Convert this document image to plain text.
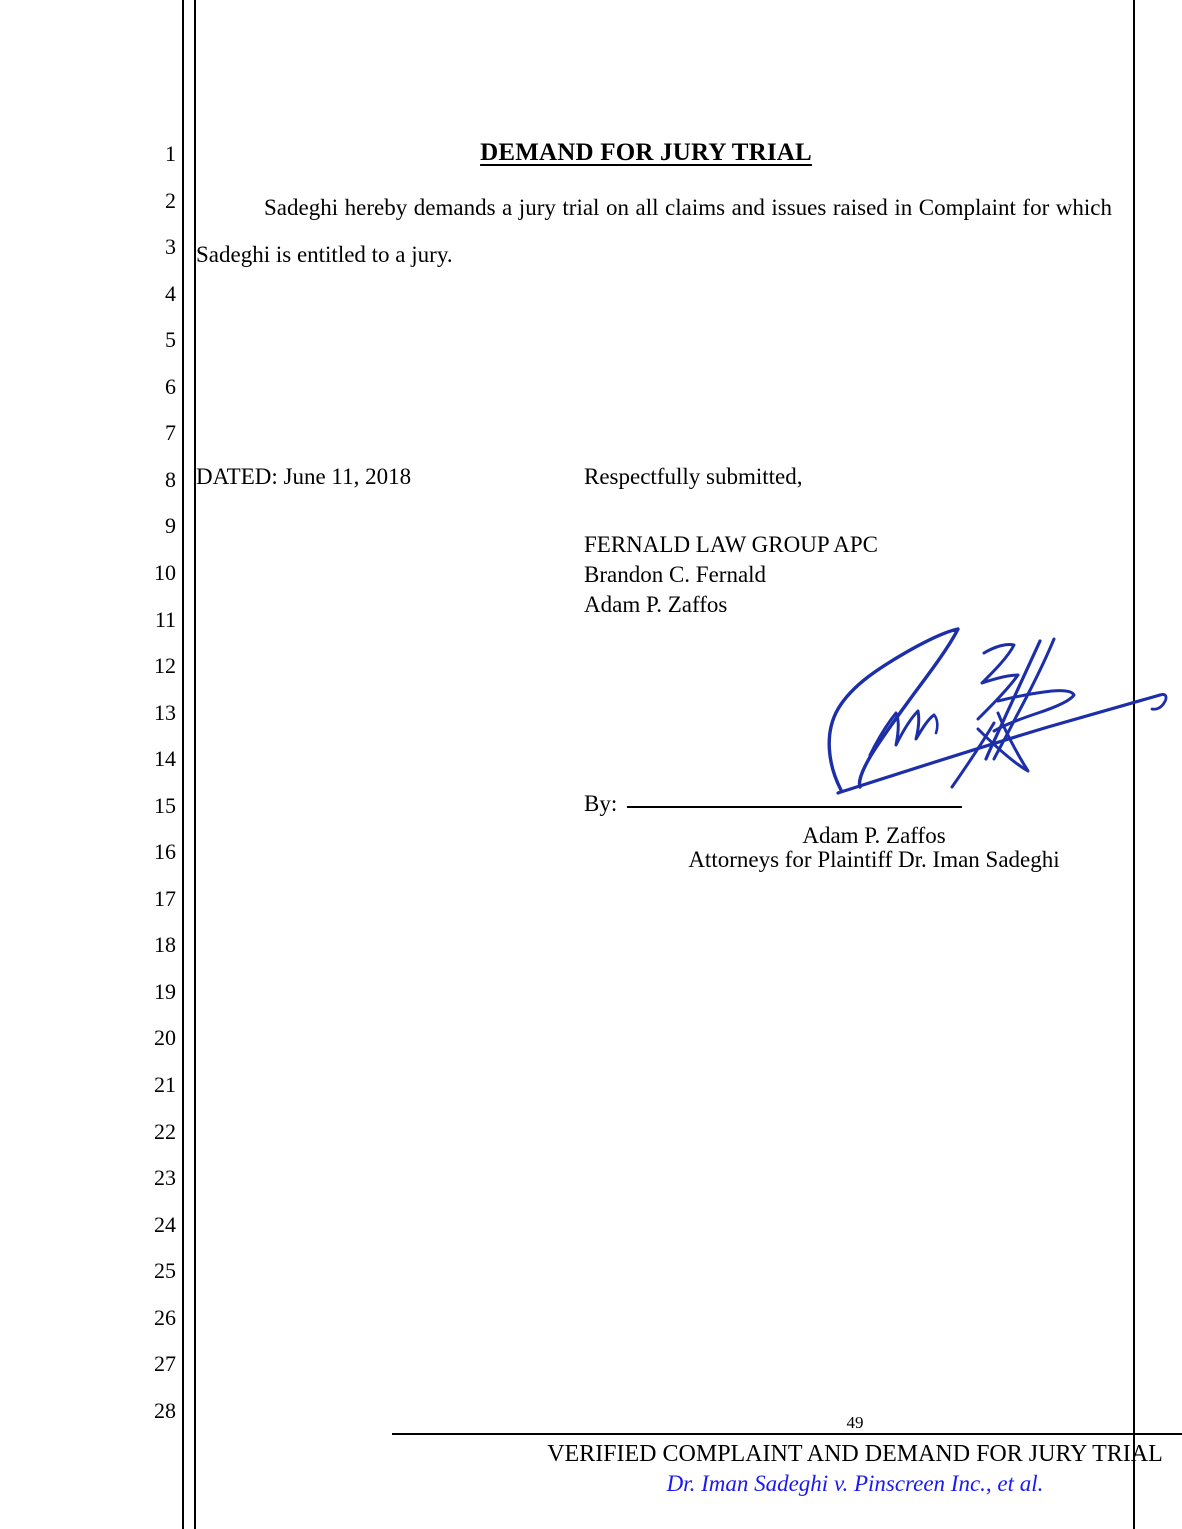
1
2
3
4
5
6
7
8
9
10
11
12
13
14
15
16
17
18
19
20
21
22
23
24
25
26
27
28
DEMAND FOR JURY TRIAL
Sadeghi hereby demands a jury trial on all claims and issues raised in Complaint for which Sadeghi is entitled to a jury.
DATED: June 11, 2018	Respectfully submitted,
FERNALD LAW GROUP APC
Brandon C. Fernald
Adam P. Zaffos
By:
Adam P. Zaffos
Attorneys for Plaintiff Dr. Iman Sadeghi
49
VERIFIED COMPLAINT AND DEMAND FOR JURY TRIAL
Dr. Iman Sadeghi v. Pinscreen Inc., et al.
